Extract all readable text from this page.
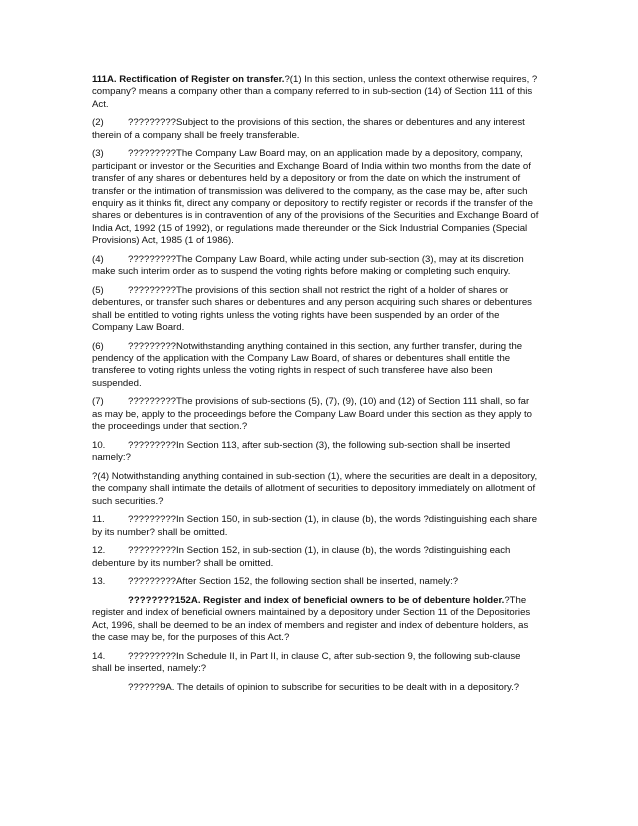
111A. Rectification of Register on transfer.?(1) In this section, unless the context otherwise requires, ?company? means a company other than a company referred to in sub-section (14) of Section 111 of this Act.

(2)	?????????Subject to the provisions of this section, the shares or debentures and any interest therein of a company shall be freely transferable.

(3)	?????????The Company Law Board may, on an application made by a depository, company, participant or investor or the Securities and Exchange Board of India within two months from the date of transfer of any shares or debentures held by a depository or from the date on which the instrument of transfer or the intimation of transmission was delivered to the company, as the case may be, after such enquiry as it thinks fit, direct any company or depository to rectify register or records if the transfer of the shares or debentures is in contravention of any of the provisions of the Securities and Exchange Board of India Act, 1992 (15 of 1992), or regulations made thereunder or the Sick Industrial Companies (Special Provisions) Act, 1985 (1 of 1986).

(4)	?????????The Company Law Board, while acting under sub-section (3), may at its discretion make such interim order as to suspend the voting rights before making or completing such enquiry.

(5)	?????????The provisions of this section shall not restrict the right of a holder of shares or debentures, or transfer such shares or debentures and any person acquiring such shares or debentures shall be entitled to voting rights unless the voting rights have been suspended by an order of the Company Law Board.

(6)	?????????Notwithstanding anything contained in this section, any further transfer, during the pendency of the application with the Company Law Board, of shares or debentures shall entitle the transferee to voting rights unless the voting rights in respect of such transferee have also been suspended.

(7)	?????????The provisions of sub-sections (5), (7), (9), (10) and (12) of Section 111 shall, so far as may be, apply to the proceedings before the Company Law Board under this section as they apply to the proceedings under that section.?

10. ?????????In Section 113, after sub-section (3), the following sub-section shall be inserted namely:?

?(4) Notwithstanding anything contained in sub-section (1), where the securities are dealt in a depository, the company shall intimate the details of allotment of securities to depository immediately on allotment of such securities.?

11. ?????????In Section 150, in sub-section (1), in clause (b), the words ?distinguishing each share by its number? shall be omitted.

12. ?????????In Section 152, in sub-section (1), in clause (b), the words ?distinguishing each debenture by its number? shall be omitted.

13. ?????????After Section 152, the following section shall be inserted, namely:?

????????152A. Register and index of beneficial owners to be of debenture holder.?The register and index of beneficial owners maintained by a depository under Section 11 of the Depositories Act, 1996, shall be deemed to be an index of members and register and index of debenture holders, as the case may be, for the purposes of this Act.?

14. ?????????In Schedule II, in Part II, in clause C, after sub-section 9, the following sub-clause shall be inserted, namely:?

??????9A. The details of opinion to subscribe for securities to be dealt with in a depository.?
